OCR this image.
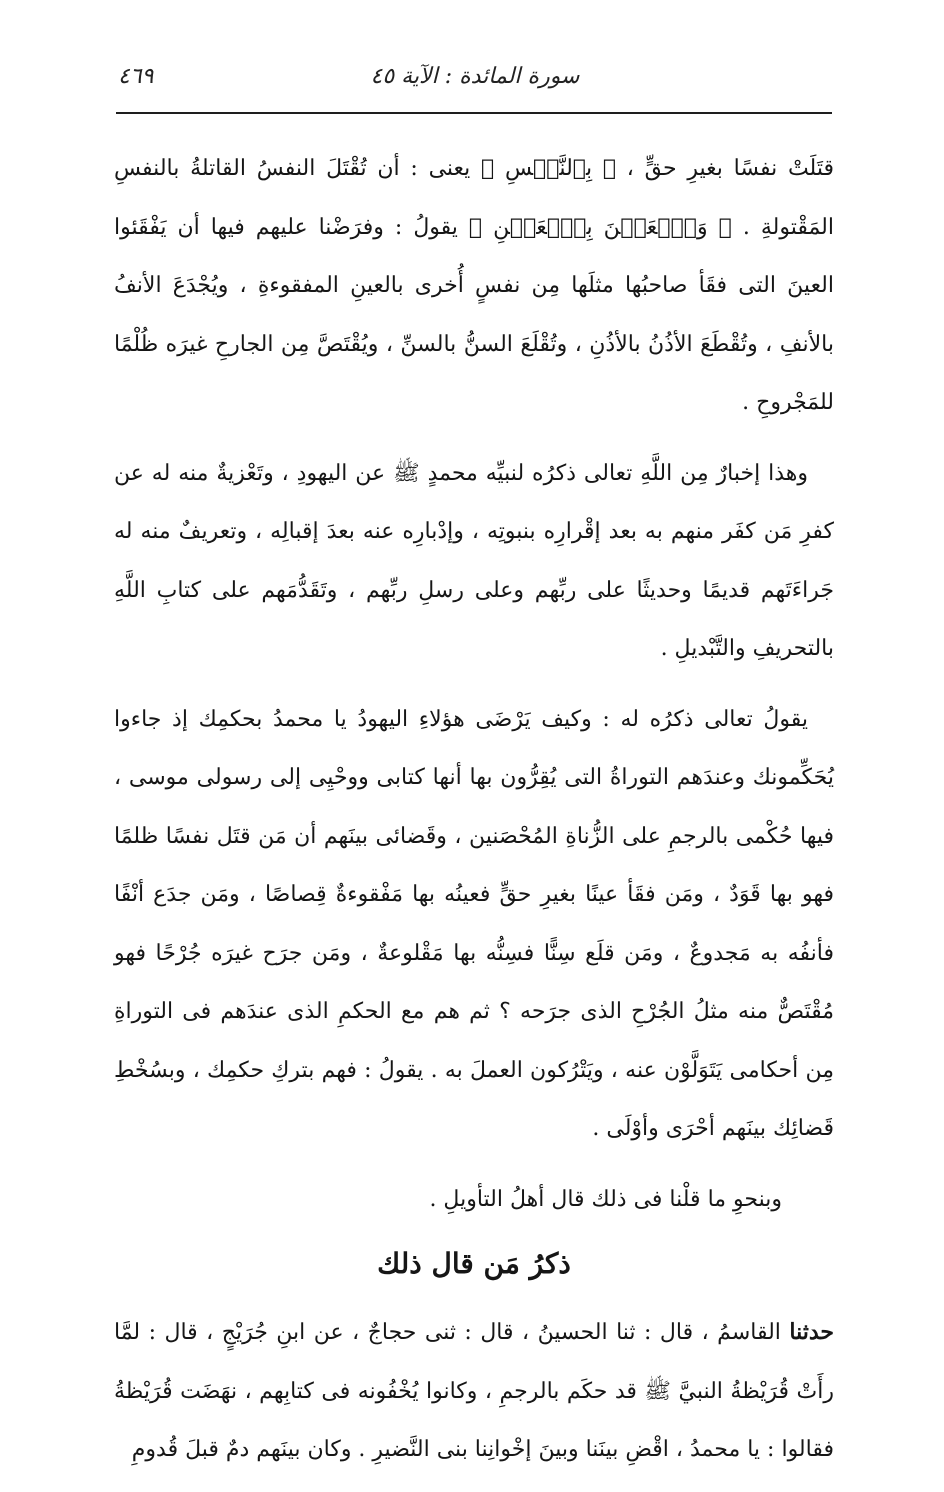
٤٦٩	سورة المائدة : الآية ٤٥

قتَلَتْ نفسًا بغيرِ حقٍّ ، ﴿ بِٱلنَّفۡسِ ﴾ يعنى : أن تُقْتَلَ النفسُ القاتلةُ بالنفسِ المَقْتولةِ . ﴿ وَٱلۡعَيۡنَ بِٱلۡعَيۡنِ ﴾ يقولُ : وفرَضْنا عليهم فيها أن يَفْقَئوا العينَ التى فقَأ صاحبُها مثلَها مِن نفسٍ أُخرى بالعينِ المفقوءةِ ، ويُجْدَعَ الأنفُ بالأنفِ ، وتُقْطَعَ الأذُنُ بالأذُنِ ، وتُقْلَعَ السنُّ بالسنِّ ، ويُقْتَصَّ مِن الجارحِ غيرَه ظُلْمًا للمَجْروحِ .

وهذا إخبارٌ مِن اللَّهِ تعالى ذكرُه لنبيِّه محمدٍ ﷺ عن اليهودِ ، وتَعْزيةٌ منه له عن كفرِ مَن كفَر منهم به بعد إقْرارِه بنبوتِه ، وإدْبارِه عنه بعدَ إقبالِه ، وتعريفٌ منه له جَراءَتَهم قديمًا وحديثًا على ربِّهم وعلى رسلِ ربِّهم ، وتَقَدُّمَهم على كتابِ اللَّهِ بالتحريفِ والتَّبْديلِ .

يقولُ تعالى ذكرُه له : وكيف يَرْضَى هؤلاءِ اليهودُ يا محمدُ بحكمِك إذ جاءوا يُحَكِّمونك وعندَهم التوراةُ التى يُقِرُّون بها أنها كتابى ووحْيِى إلى رسولى موسى ، فيها حُكْمى بالرجمِ على الزُّناةِ المُحْصَنين ، وقَضائى بينَهم أن مَن قتَل نفسًا ظلمًا فهو بها قَوَدٌ ، ومَن فقَأ عينًا بغيرِ حقٍّ فعينُه بها مَفْقوءةٌ قِصاصًا ، ومَن جدَع أنْفًا فأنفُه به مَجدوعٌ ، ومَن قلَع سِنًّا فسِنُّه بها مَقْلوعةٌ ، ومَن جرَح غيرَه جُرْحًا فهو مُقْتَصٌّ منه مثلُ الجُرْحِ الذى جرَحه ؟ ثم هم مع الحكمِ الذى عندَهم فى التوراةِ مِن أحكامى يَتَوَلَّوْن عنه ، ويَتْرُكون العملَ به . يقولُ : فهم بتركِ حكمِك ، وبسُخْطِ قَضائِك بينَهم أحْرَى وأوْلَى .

وبنحوِ ما قلْنا فى ذلك قال أهلُ التأويلِ .

ذكرُ مَن قال ذلك

حدثنا القاسمُ ، قال : ثنا الحسينُ ، قال : ثنى حجاجٌ ، عن ابنِ جُرَيْجٍ ، قال : لمَّا رأَتْ قُرَيْظةُ النبيَّ ﷺ قد حكَم بالرجمِ ، وكانوا يُخْفُونه فى كتابِهم ، نهَضَت قُرَيْظةُ فقالوا : يا محمدُ ، اقْضِ بينَنا وبينَ إخْوانِنا بنى النَّضيرِ . وكان بينَهم دمٌ قبلَ قُدومِ
